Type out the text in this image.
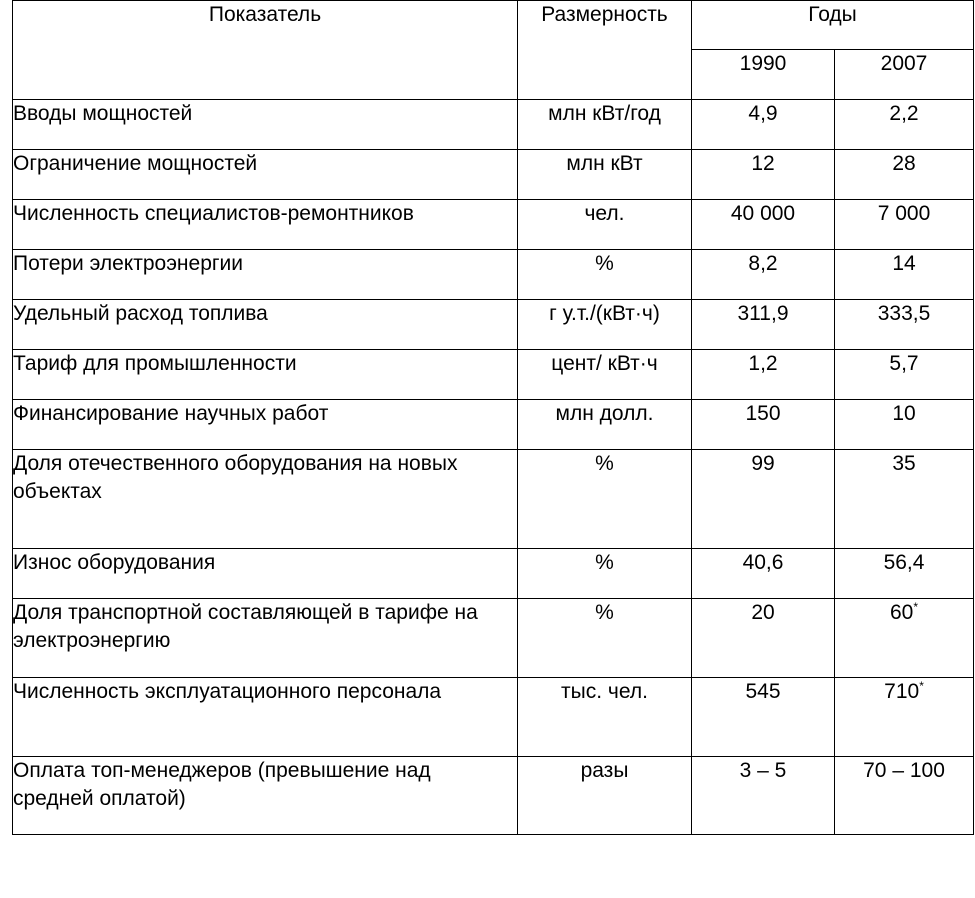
Показатель	Размерность	Годы	
		1990	2007
Вводы мощностей	млн кВт/год	4,9	2,2
Ограничение мощностей	млн кВт	12	28
Численность специалистов-ремонтников	чел.	40 000	7 000
Потери электроэнергии	%	8,2	14
Удельный расход топлива	г у.т./(кВт·ч)	311,9	333,5
Тариф для промышленности	цент/ кВт·ч	1,2	5,7
Финансирование научных работ	млн долл.	150	10
Доля отечественного оборудования на новых объектах	%	99	35
Износ оборудования	%	40,6	56,4
Доля транспортной составляющей в тарифе на электроэнергию	%	20	60*
Численность эксплуатационного персонала	тыс. чел.	545	710*
Оплата топ-менеджеров (превышение над средней оплатой)	разы	3 – 5	70 – 100
